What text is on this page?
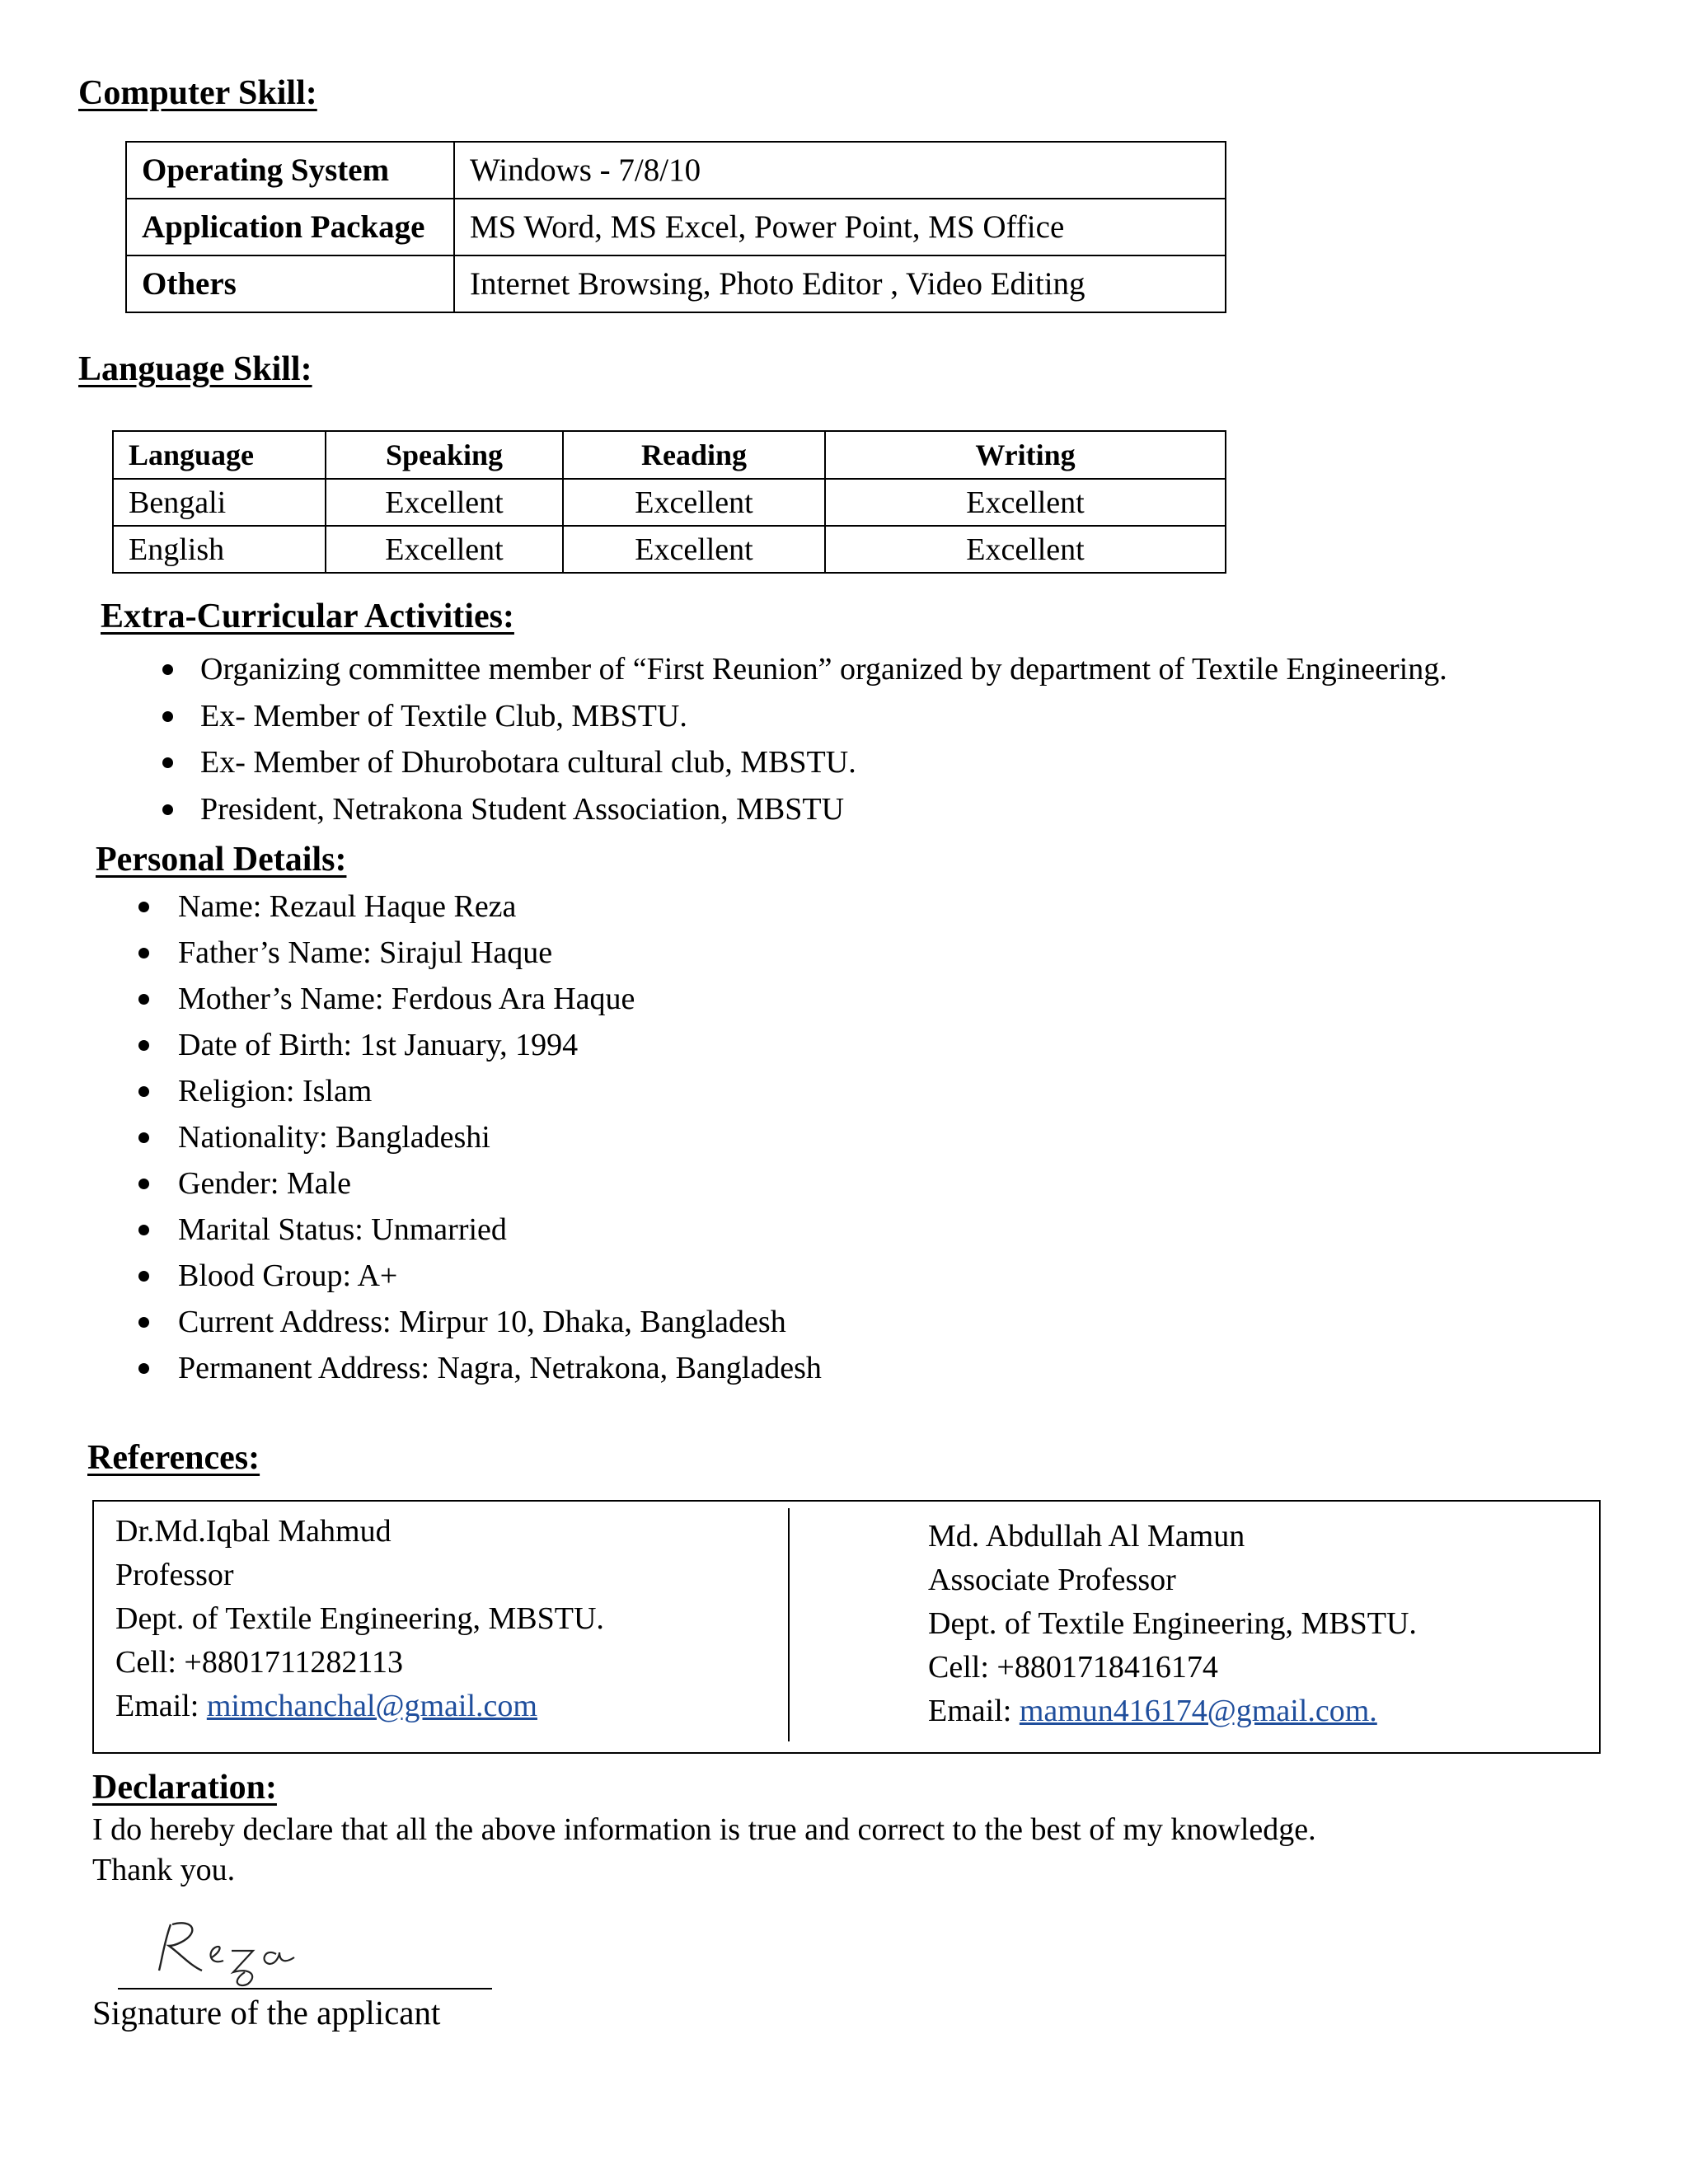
Computer Skill:
Operating System	Windows - 7/8/10
Application Package	MS Word, MS Excel, Power Point, MS Office
Others	Internet Browsing, Photo Editor , Video Editing
Language Skill:
Language	Speaking	Reading	Writing
Bengali	Excellent	Excellent	Excellent
English	Excellent	Excellent	Excellent
Extra-Curricular Activities:
Organizing committee member of “First Reunion” organized by department of Textile Engineering.
Ex- Member of Textile Club, MBSTU.
Ex- Member of Dhurobotara cultural club, MBSTU.
President, Netrakona Student Association, MBSTU
Personal Details:
Name: Rezaul Haque Reza
Father’s Name: Sirajul Haque
Mother’s Name: Ferdous Ara Haque
Date of Birth: 1st January, 1994
Religion: Islam
Nationality: Bangladeshi
Gender: Male
Marital Status: Unmarried
Blood Group: A+
Current Address: Mirpur 10, Dhaka, Bangladesh
Permanent Address: Nagra, Netrakona, Bangladesh
References:
Dr.Md.Iqbal Mahmud
Professor
Dept. of Textile Engineering, MBSTU.
Cell: +8801711282113
Email: mimchanchal@gmail.com
Md. Abdullah Al Mamun
Associate Professor
Dept. of Textile Engineering, MBSTU.
Cell: +8801718416174
Email: mamun416174@gmail.com.
Declaration:

I do hereby declare that all the above information is true and correct to the best of my knowledge.

Thank you.

Signature of the applicant
